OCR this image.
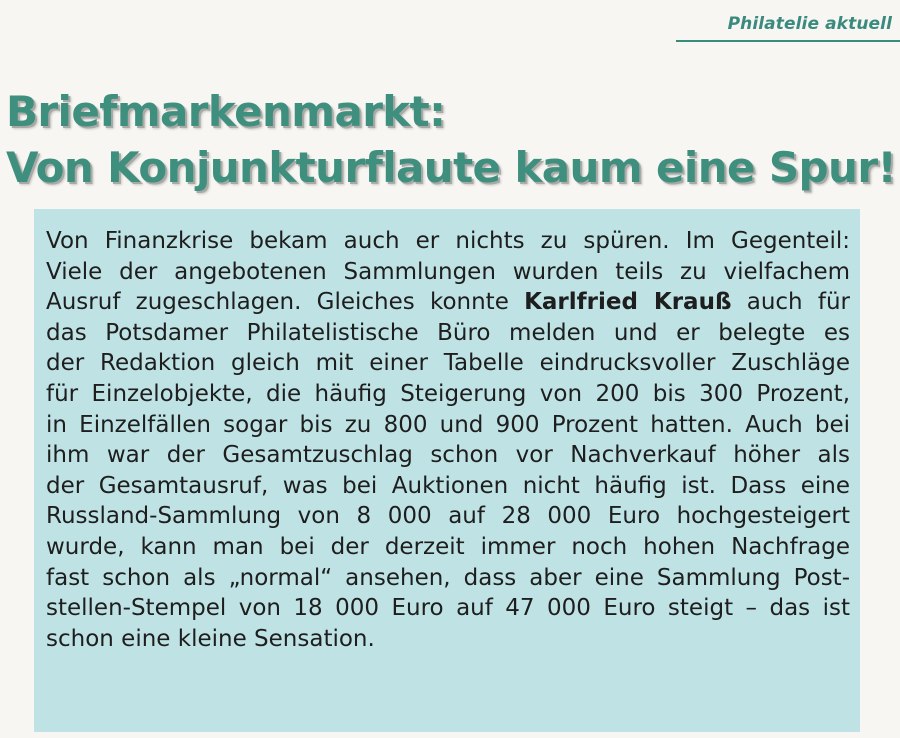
Philatelie aktuell
Briefmarkenmarkt:
Von Konjunkturflaute kaum eine Spur!

Von Finanzkrise bekam auch er nichts zu spüren. Im Gegenteil:
Viele der angebotenen Sammlungen wurden teils zu vielfachem
Ausruf zugeschlagen. Gleiches konnte Karlfried Krauß auch für
das Potsdamer Philatelistische Büro melden und er belegte es
der Redaktion gleich mit einer Tabelle eindrucksvoller Zuschläge
für Einzelobjekte, die häufig Steigerung von 200 bis 300 Prozent,
in Einzelfällen sogar bis zu 800 und 900 Prozent hatten. Auch bei
ihm war der Gesamtzuschlag schon vor Nachverkauf höher als
der Gesamtausruf, was bei Auktionen nicht häufig ist. Dass eine
Russland-Sammlung von 8 000 auf 28 000 Euro hochgesteigert
wurde, kann man bei der derzeit immer noch hohen Nachfrage
fast schon als „normal“ ansehen, dass aber eine Sammlung Post-
stellen-Stempel von 18 000 Euro auf 47 000 Euro steigt – das ist
schon eine kleine Sensation.
